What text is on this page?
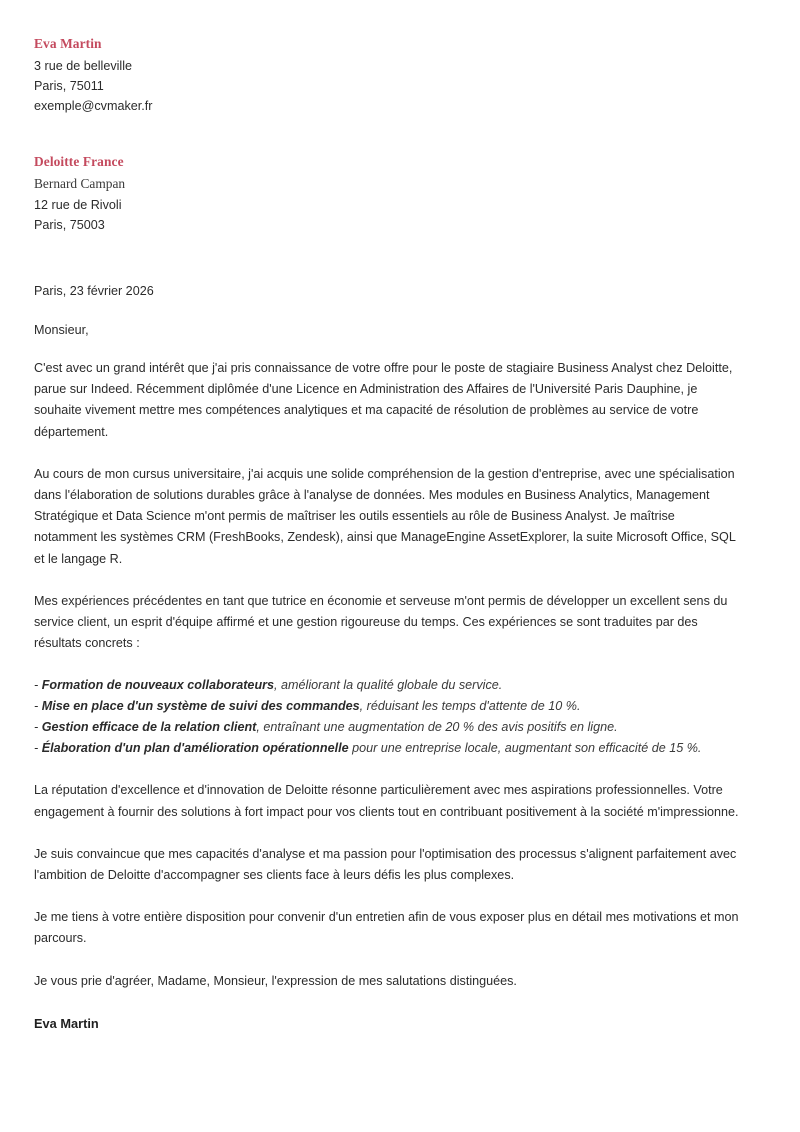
Eva Martin
3 rue de belleville
Paris, 75011
exemple@cvmaker.fr
Deloitte France
Bernard Campan
12 rue de Rivoli
Paris, 75003
Paris, 23 février 2026
Monsieur,

C'est avec un grand intérêt que j'ai pris connaissance de votre offre pour le poste de stagiaire Business Analyst chez Deloitte, parue sur Indeed. Récemment diplômée d'une Licence en Administration des Affaires de l'Université Paris Dauphine, je souhaite vivement mettre mes compétences analytiques et ma capacité de résolution de problèmes au service de votre département.

Au cours de mon cursus universitaire, j'ai acquis une solide compréhension de la gestion d'entreprise, avec une spécialisation dans l'élaboration de solutions durables grâce à l'analyse de données. Mes modules en Business Analytics, Management Stratégique et Data Science m'ont permis de maîtriser les outils essentiels au rôle de Business Analyst. Je maîtrise notamment les systèmes CRM (FreshBooks, Zendesk), ainsi que ManageEngine AssetExplorer, la suite Microsoft Office, SQL et le langage R.

Mes expériences précédentes en tant que tutrice en économie et serveuse m'ont permis de développer un excellent sens du service client, un esprit d'équipe affirmé et une gestion rigoureuse du temps. Ces expériences se sont traduites par des résultats concrets :

- Formation de nouveaux collaborateurs, améliorant la qualité globale du service.
- Mise en place d'un système de suivi des commandes, réduisant les temps d'attente de 10 %.
- Gestion efficace de la relation client, entraînant une augmentation de 20 % des avis positifs en ligne.
- Élaboration d'un plan d'amélioration opérationnelle pour une entreprise locale, augmentant son efficacité de 15 %.

La réputation d'excellence et d'innovation de Deloitte résonne particulièrement avec mes aspirations professionnelles. Votre engagement à fournir des solutions à fort impact pour vos clients tout en contribuant positivement à la société m'impressionne.

Je suis convaincue que mes capacités d'analyse et ma passion pour l'optimisation des processus s'alignent parfaitement avec l'ambition de Deloitte d'accompagner ses clients face à leurs défis les plus complexes.

Je me tiens à votre entière disposition pour convenir d'un entretien afin de vous exposer plus en détail mes motivations et mon parcours.

Je vous prie d'agréer, Madame, Monsieur, l'expression de mes salutations distinguées.

Eva Martin
